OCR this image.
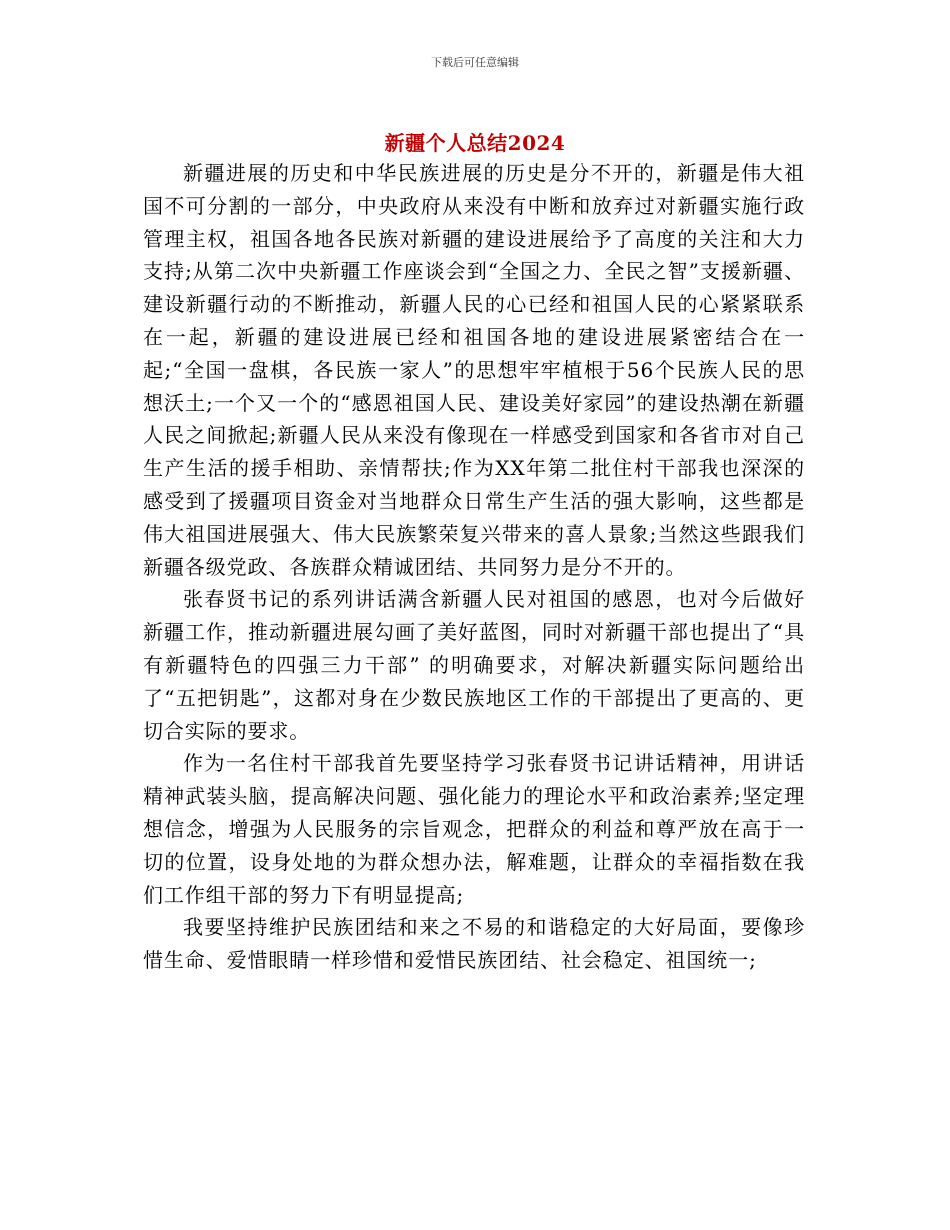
下载后可任意编辑
新疆个人总结2024

新疆进展的历史和中华民族进展的历史是分不开的，新疆是伟大祖国不可分割的一部分，中央政府从来没有中断和放弃过对新疆实施行政管理主权，祖国各地各民族对新疆的建设进展给予了高度的关注和大力支持;从第二次中央新疆工作座谈会到“全国之力、全民之智”支援新疆、建设新疆行动的不断推动，新疆人民的心已经和祖国人民的心紧紧联系在一起，新疆的建设进展已经和祖国各地的建设进展紧密结合在一起;“全国一盘棋，各民族一家人”的思想牢牢植根于56个民族人民的思想沃土;一个又一个的“感恩祖国人民、建设美好家园”的建设热潮在新疆人民之间掀起;新疆人民从来没有像现在一样感受到国家和各省市对自己生产生活的援手相助、亲情帮扶;作为XX年第二批住村干部我也深深的感受到了援疆项目资金对当地群众日常生产生活的强大影响，这些都是伟大祖国进展强大、伟大民族繁荣复兴带来的喜人景象;当然这些跟我们新疆各级党政、各族群众精诚团结、共同努力是分不开的。

张春贤书记的系列讲话满含新疆人民对祖国的感恩，也对今后做好新疆工作，推动新疆进展勾画了美好蓝图，同时对新疆干部也提出了“具有新疆特色的四强三力干部” 的明确要求，对解决新疆实际问题给出了“五把钥匙”，这都对身在少数民族地区工作的干部提出了更高的、更切合实际的要求。

作为一名住村干部我首先要坚持学习张春贤书记讲话精神，用讲话精神武装头脑，提高解决问题、强化能力的理论水平和政治素养;坚定理想信念，增强为人民服务的宗旨观念，把群众的利益和尊严放在高于一切的位置，设身处地的为群众想办法，解难题，让群众的幸福指数在我们工作组干部的努力下有明显提高;

我要坚持维护民族团结和来之不易的和谐稳定的大好局面，要像珍惜生命、爱惜眼睛一样珍惜和爱惜民族团结、社会稳定、祖国统一;
